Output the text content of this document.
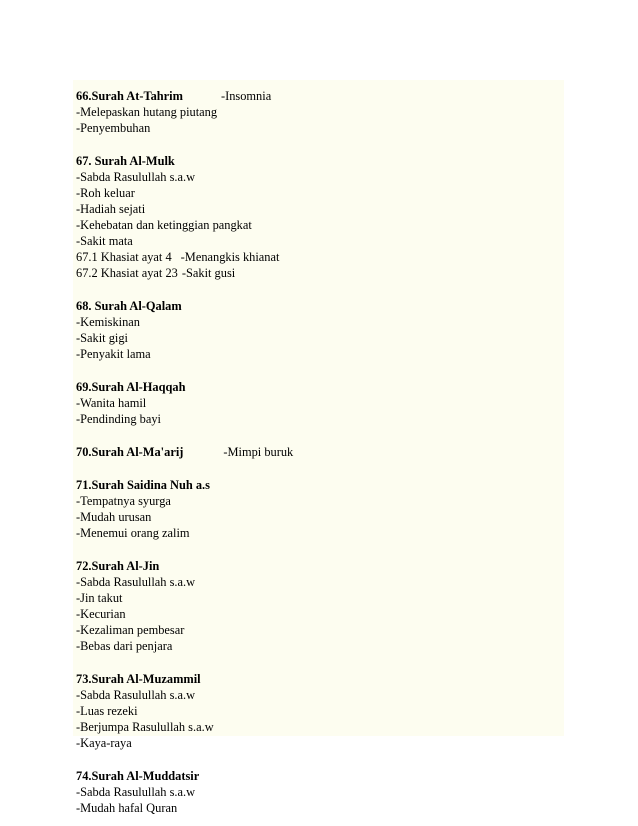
66.Surah At-Tahrim	-Insomnia
-Melepaskan hutang piutang
-Penyembuhan
67. Surah Al-Mulk
-Sabda Rasulullah s.a.w
-Roh keluar
-Hadiah sejati
-Kehebatan dan ketinggian pangkat
-Sakit mata
67.1 Khasiat ayat 4 -Menangkis khianat
67.2 Khasiat ayat 23 -Sakit gusi
68. Surah Al-Qalam
-Kemiskinan
-Sakit gigi
-Penyakit lama
69.Surah Al-Haqqah
-Wanita hamil
-Pendinding bayi
70.Surah Al-Ma'arij	-Mimpi buruk
71.Surah Saidina Nuh a.s
-Tempatnya syurga
-Mudah urusan
-Menemui orang zalim
72.Surah Al-Jin
-Sabda Rasulullah s.a.w
-Jin takut
-Kecurian
-Kezaliman pembesar
-Bebas dari penjara
73.Surah Al-Muzammil
-Sabda Rasulullah s.a.w
-Luas rezeki
-Berjumpa Rasulullah s.a.w
-Kaya-raya
74.Surah Al-Muddatsir
-Sabda Rasulullah s.a.w
-Mudah hafal Quran
